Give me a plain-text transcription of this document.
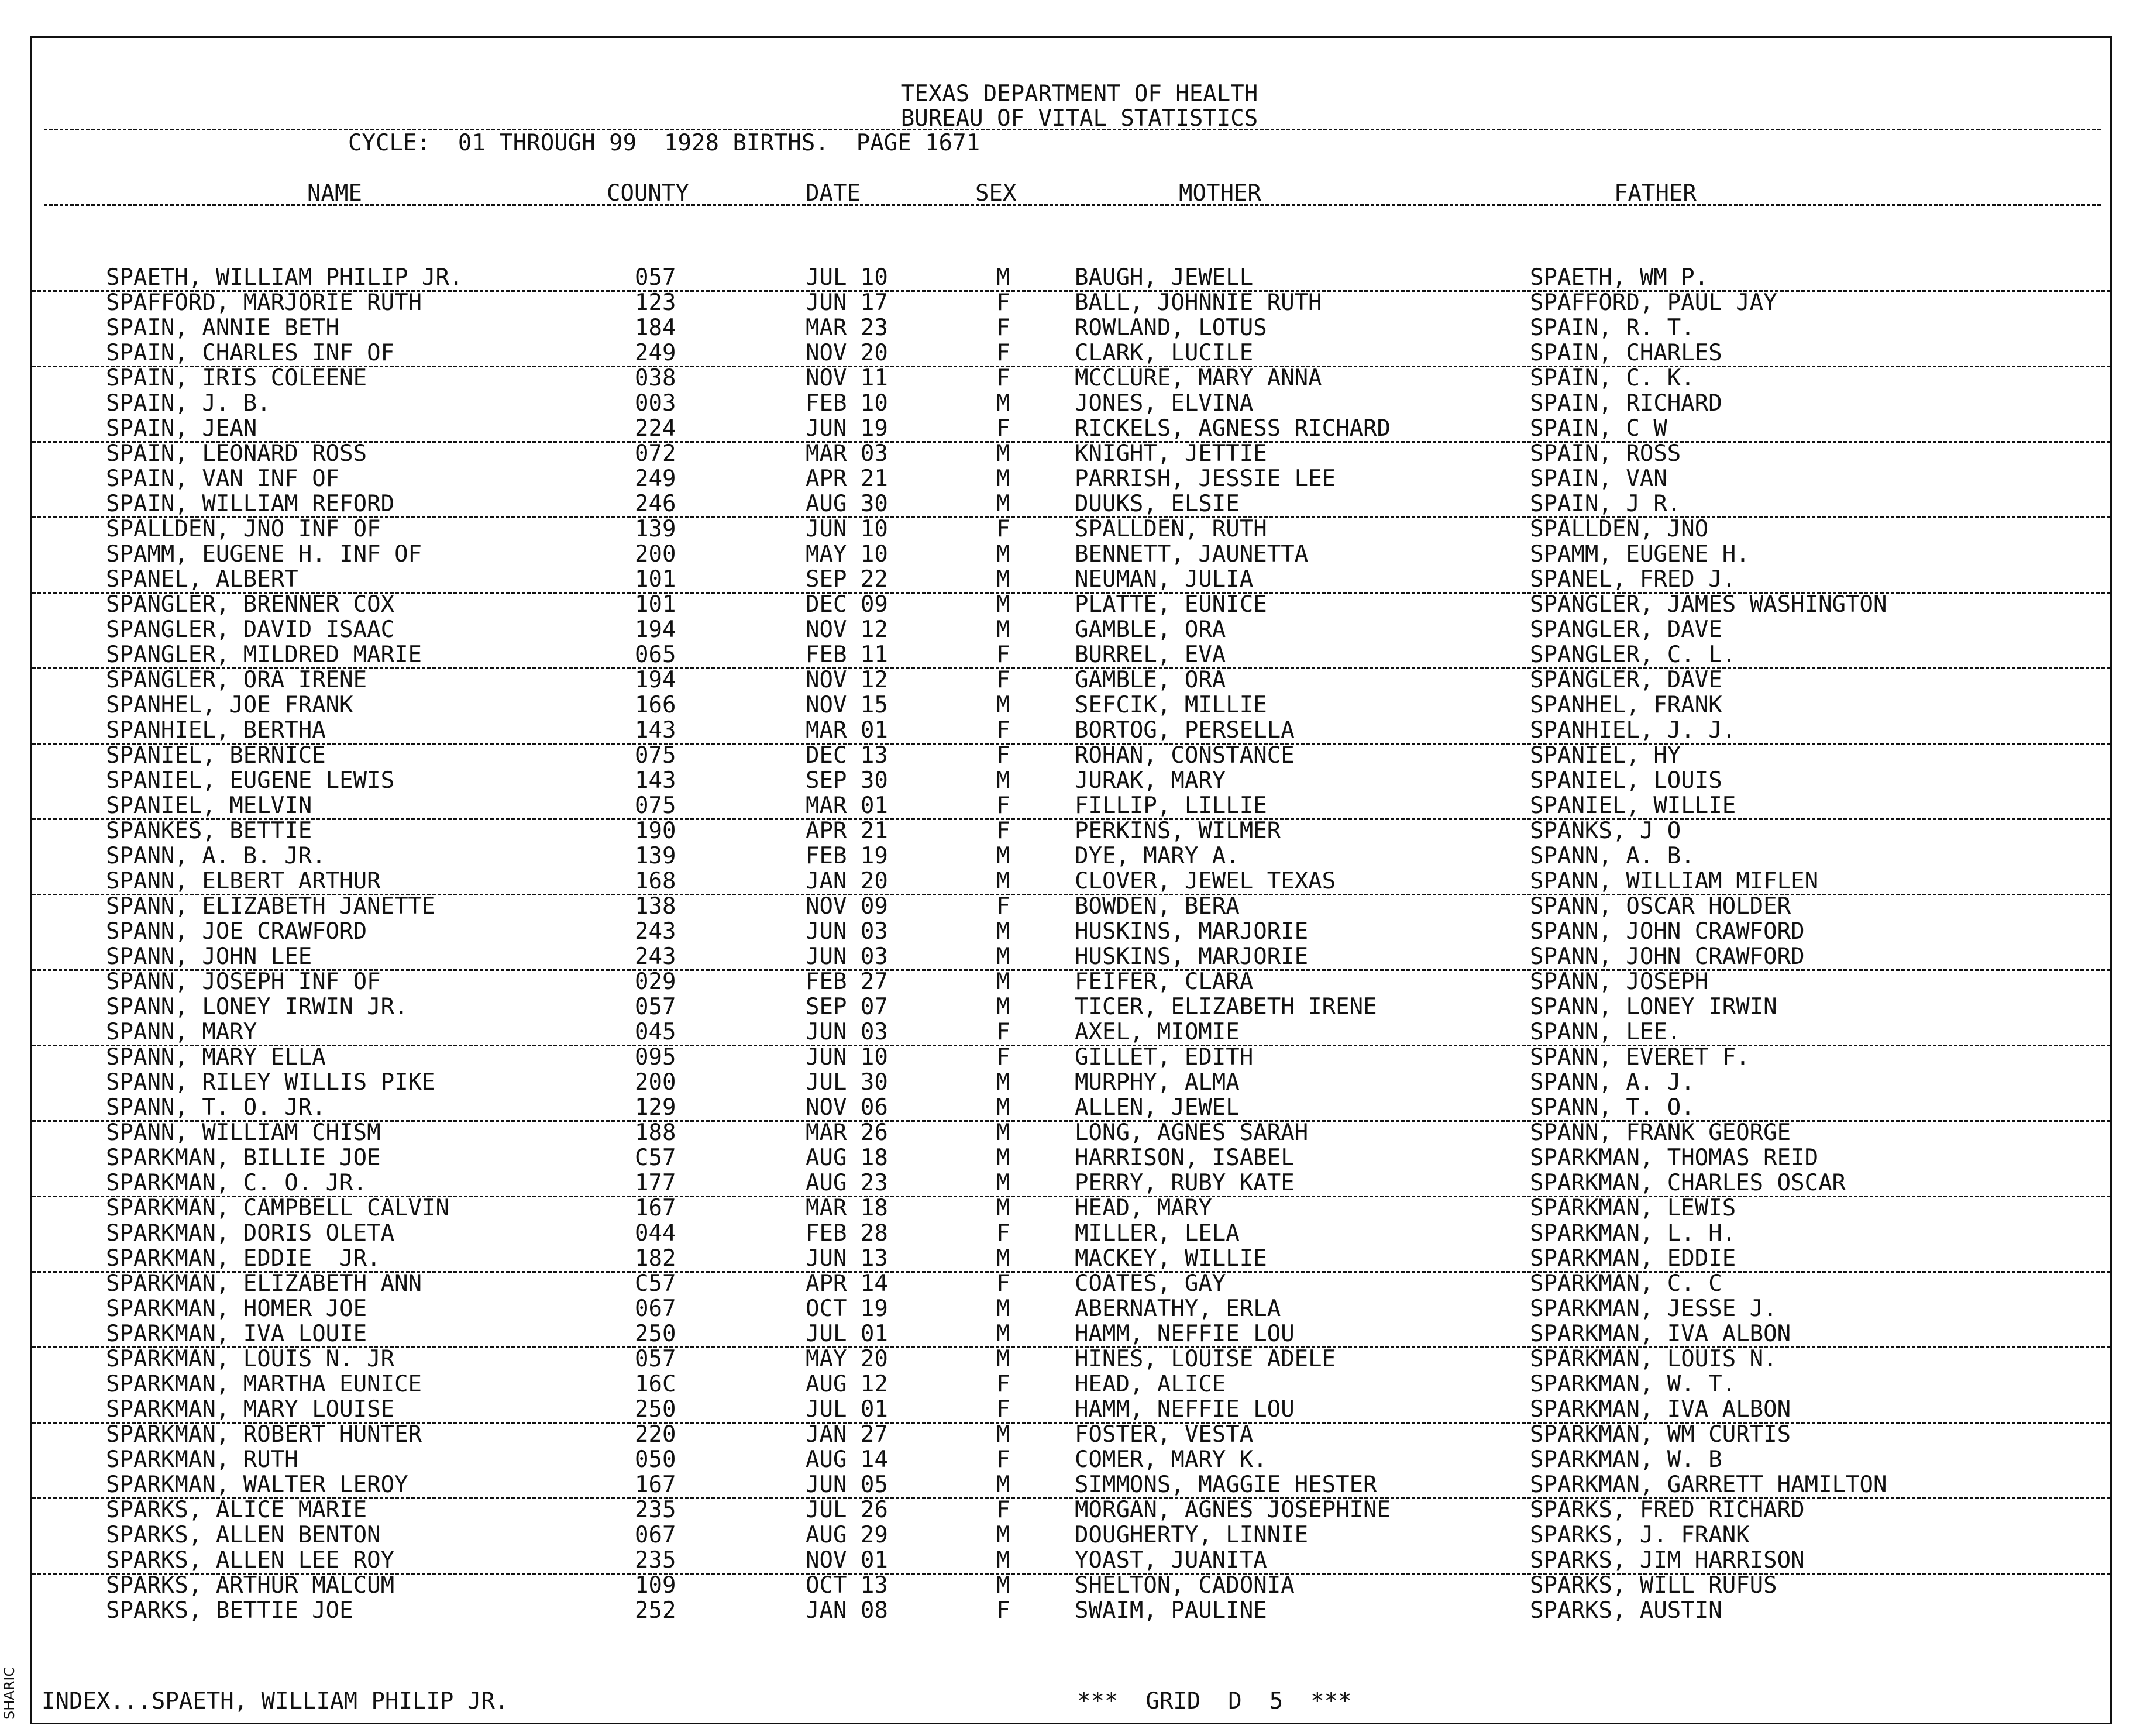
TEXAS DEPARTMENT OF HEALTH
BUREAU OF VITAL STATISTICS
CYCLE:  01 THROUGH 99  1928 BIRTHS.  PAGE 1671
NAME	COUNTY	DATE	SEX	MOTHER	FATHER
SPAETH, WILLIAM PHILIP JR.	057	JUL 10	M	BAUGH, JEWELL	SPAETH, WM P.
SPAFFORD, MARJORIE RUTH	123	JUN 17	F	BALL, JOHNNIE RUTH	SPAFFORD, PAUL JAY
SPAIN, ANNIE BETH	184	MAR 23	F	ROWLAND, LOTUS	SPAIN, R. T.
SPAIN, CHARLES INF OF	249	NOV 20	F	CLARK, LUCILE	SPAIN, CHARLES
SPAIN, IRIS COLEENE	038	NOV 11	F	MCCLURE, MARY ANNA	SPAIN, C. K.
SPAIN, J. B.	003	FEB 10	M	JONES, ELVINA	SPAIN, RICHARD
SPAIN, JEAN	224	JUN 19	F	RICKELS, AGNESS RICHARD	SPAIN, C W
SPAIN, LEONARD ROSS	072	MAR 03	M	KNIGHT, JETTIE	SPAIN, ROSS
SPAIN, VAN INF OF	249	APR 21	M	PARRISH, JESSIE LEE	SPAIN, VAN
SPAIN, WILLIAM REFORD	246	AUG 30	M	DUUKS, ELSIE	SPAIN, J R.
SPALLDEN, JNO INF OF	139	JUN 10	F	SPALLDEN, RUTH	SPALLDEN, JNO
SPAMM, EUGENE H. INF OF	200	MAY 10	M	BENNETT, JAUNETTA	SPAMM, EUGENE H.
SPANEL, ALBERT	101	SEP 22	M	NEUMAN, JULIA	SPANEL, FRED J.
SPANGLER, BRENNER COX	101	DEC 09	M	PLATTE, EUNICE	SPANGLER, JAMES WASHINGTON
SPANGLER, DAVID ISAAC	194	NOV 12	M	GAMBLE, ORA	SPANGLER, DAVE
SPANGLER, MILDRED MARIE	065	FEB 11	F	BURREL, EVA	SPANGLER, C. L.
SPANGLER, ORA IRENE	194	NOV 12	F	GAMBLE, ORA	SPANGLER, DAVE
SPANHEL, JOE FRANK	166	NOV 15	M	SEFCIK, MILLIE	SPANHEL, FRANK
SPANHIEL, BERTHA	143	MAR 01	F	BORTOG, PERSELLA	SPANHIEL, J. J.
SPANIEL, BERNICE	075	DEC 13	F	ROHAN, CONSTANCE	SPANIEL, HY
SPANIEL, EUGENE LEWIS	143	SEP 30	M	JURAK, MARY	SPANIEL, LOUIS
SPANIEL, MELVIN	075	MAR 01	F	FILLIP, LILLIE	SPANIEL, WILLIE
SPANKES, BETTIE	190	APR 21	F	PERKINS, WILMER	SPANKS, J O
SPANN, A. B. JR.	139	FEB 19	M	DYE, MARY A.	SPANN, A. B.
SPANN, ELBERT ARTHUR	168	JAN 20	M	CLOVER, JEWEL TEXAS	SPANN, WILLIAM MIFLEN
SPANN, ELIZABETH JANETTE	138	NOV 09	F	BOWDEN, BERA	SPANN, OSCAR HOLDER
SPANN, JOE CRAWFORD	243	JUN 03	M	HUSKINS, MARJORIE	SPANN, JOHN CRAWFORD
SPANN, JOHN LEE	243	JUN 03	M	HUSKINS, MARJORIE	SPANN, JOHN CRAWFORD
SPANN, JOSEPH INF OF	029	FEB 27	M	FEIFER, CLARA	SPANN, JOSEPH
SPANN, LONEY IRWIN JR.	057	SEP 07	M	TICER, ELIZABETH IRENE	SPANN, LONEY IRWIN
SPANN, MARY	045	JUN 03	F	AXEL, MIOMIE	SPANN, LEE.
SPANN, MARY ELLA	095	JUN 10	F	GILLET, EDITH	SPANN, EVERET F.
SPANN, RILEY WILLIS PIKE	200	JUL 30	M	MURPHY, ALMA	SPANN, A. J.
SPANN, T. O. JR.	129	NOV 06	M	ALLEN, JEWEL	SPANN, T. O.
SPANN, WILLIAM CHISM	188	MAR 26	M	LONG, AGNES SARAH	SPANN, FRANK GEORGE
SPARKMAN, BILLIE JOE	C57	AUG 18	M	HARRISON, ISABEL	SPARKMAN, THOMAS REID
SPARKMAN, C. O. JR.	177	AUG 23	M	PERRY, RUBY KATE	SPARKMAN, CHARLES OSCAR
SPARKMAN, CAMPBELL CALVIN	167	MAR 18	M	HEAD, MARY	SPARKMAN, LEWIS
SPARKMAN, DORIS OLETA	044	FEB 28	F	MILLER, LELA	SPARKMAN, L. H.
SPARKMAN, EDDIE  JR.	182	JUN 13	M	MACKEY, WILLIE	SPARKMAN, EDDIE
SPARKMAN, ELIZABETH ANN	C57	APR 14	F	COATES, GAY	SPARKMAN, C. C
SPARKMAN, HOMER JOE	067	OCT 19	M	ABERNATHY, ERLA	SPARKMAN, JESSE J.
SPARKMAN, IVA LOUIE	250	JUL 01	M	HAMM, NEFFIE LOU	SPARKMAN, IVA ALBON
SPARKMAN, LOUIS N. JR	057	MAY 20	M	HINES, LOUISE ADELE	SPARKMAN, LOUIS N.
SPARKMAN, MARTHA EUNICE	16C	AUG 12	F	HEAD, ALICE	SPARKMAN, W. T.
SPARKMAN, MARY LOUISE	250	JUL 01	F	HAMM, NEFFIE LOU	SPARKMAN, IVA ALBON
SPARKMAN, ROBERT HUNTER	220	JAN 27	M	FOSTER, VESTA	SPARKMAN, WM CURTIS
SPARKMAN, RUTH	050	AUG 14	F	COMER, MARY K.	SPARKMAN, W. B
SPARKMAN, WALTER LEROY	167	JUN 05	M	SIMMONS, MAGGIE HESTER	SPARKMAN, GARRETT HAMILTON
SPARKS, ALICE MARIE	235	JUL 26	F	MORGAN, AGNES JOSEPHINE	SPARKS, FRED RICHARD
SPARKS, ALLEN BENTON	067	AUG 29	M	DOUGHERTY, LINNIE	SPARKS, J. FRANK
SPARKS, ALLEN LEE ROY	235	NOV 01	M	YOAST, JUANITA	SPARKS, JIM HARRISON
SPARKS, ARTHUR MALCUM	109	OCT 13	M	SHELTON, CADONIA	SPARKS, WILL RUFUS
SPARKS, BETTIE JOE	252	JAN 08	F	SWAIM, PAULINE	SPARKS, AUSTIN
INDEX...SPAETH, WILLIAM PHILIP JR.	***  GRID  D  5  ***
SHARIC
